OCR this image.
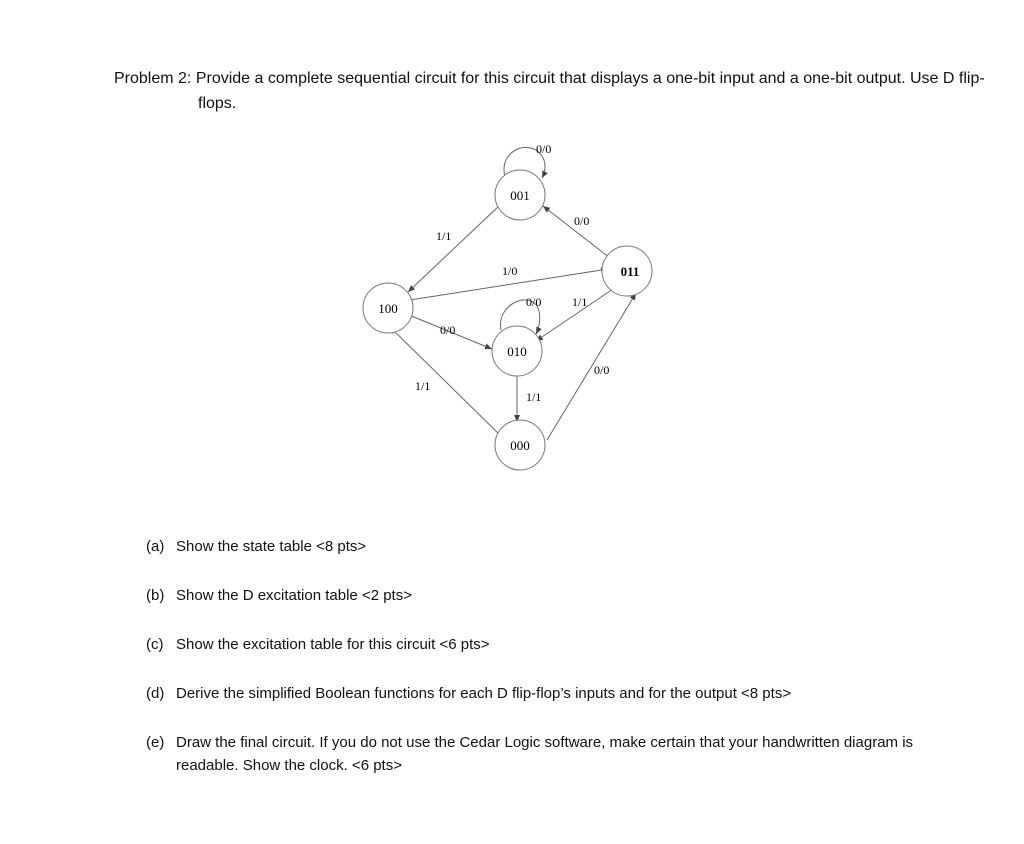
Problem 2: Provide a complete sequential circuit for this circuit that displays a one-bit input and a one-bit output. Use D flip-flops.
001
011
100
010
000
0/0
0/0
1/1
1/0
0/0	1/1
0/0
0/0
1/1
1/1
(a) Show the state table <8 pts>
(b) Show the D excitation table <2 pts>
(c) Show the excitation table for this circuit <6 pts>
(d) Derive the simplified Boolean functions for each D flip-flop’s inputs and for the output <8 pts>
(e) Draw the final circuit. If you do not use the Cedar Logic software, make certain that your handwritten diagram is readable. Show the clock. <6 pts>
